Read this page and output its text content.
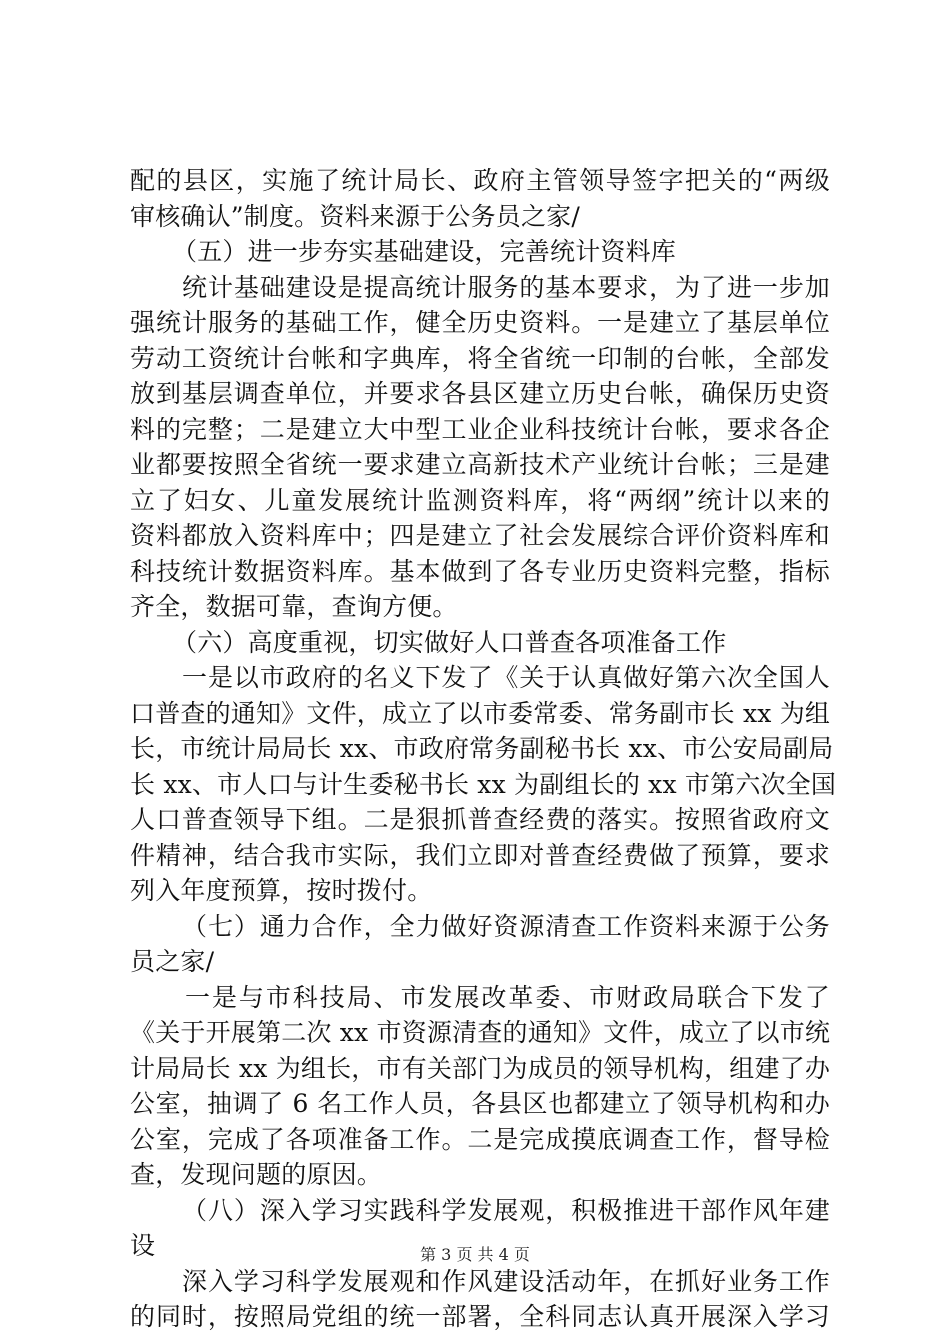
配的县区，实施了统计局长、政府主管领导签字把关的“两级
审核确认”制度。资料来源于公务员之家/
（五）进一步夯实基础建设，完善统计资料库
统计基础建设是提高统计服务的基本要求，为了进一步加
强统计服务的基础工作，健全历史资料。一是建立了基层单位
劳动工资统计台帐和字典库，将全省统一印制的台帐，全部发
放到基层调查单位，并要求各县区建立历史台帐，确保历史资
料的完整；二是建立大中型工业企业科技统计台帐，要求各企
业都要按照全省统一要求建立高新技术产业统计台帐；三是建
立了妇女、儿童发展统计监测资料库，将“两纲”统计以来的
资料都放入资料库中；四是建立了社会发展综合评价资料库和
科技统计数据资料库。基本做到了各专业历史资料完整，指标
齐全，数据可靠，查询方便。
（六）高度重视，切实做好人口普查各项准备工作
一是以市政府的名义下发了《关于认真做好第六次全国人
口普查的通知》文件，成立了以市委常委、常务副市长 xx 为组
长，市统计局局长 xx、市政府常务副秘书长 xx、市公安局副局
长 xx、市人口与计生委秘书长 xx 为副组长的 xx 市第六次全国
人口普查领导下组。二是狠抓普查经费的落实。按照省政府文
件精神，结合我市实际，我们立即对普查经费做了预算，要求
列入年度预算，按时拨付。
（七）通力合作，全力做好资源清查工作资料来源于公务
员之家/
一是与市科技局、市发展改革委、市财政局联合下发了
《关于开展第二次 xx 市资源清查的通知》文件，成立了以市统
计局局长 xx 为组长，市有关部门为成员的领导机构，组建了办
公室，抽调了 6 名工作人员，各县区也都建立了领导机构和办
公室，完成了各项准备工作。二是完成摸底调查工作，督导检
查，发现问题的原因。
（八）深入学习实践科学发展观，积极推进干部作风年建
设
深入学习科学发展观和作风建设活动年，在抓好业务工作
的同时，按照局党组的统一部署，全科同志认真开展深入学习
第 3 页 共 4 页
